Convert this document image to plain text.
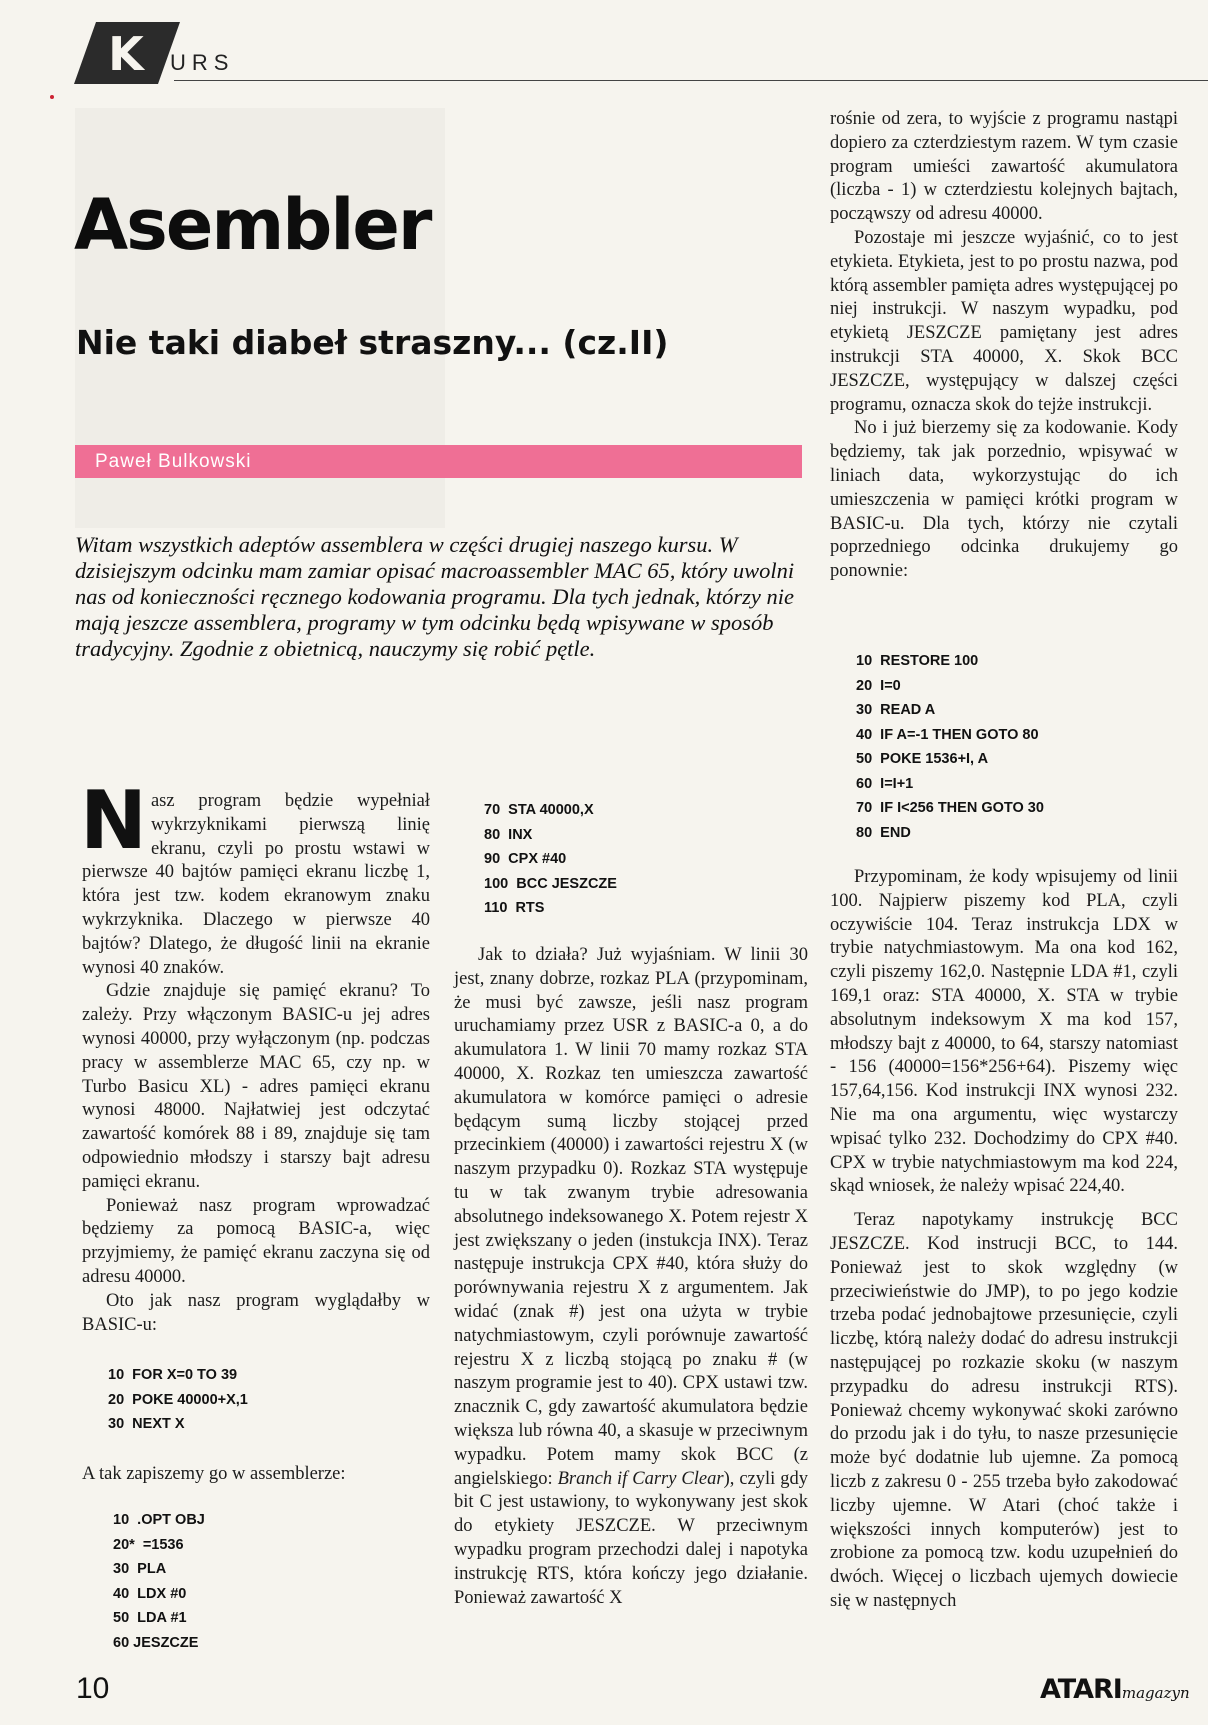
K URS
Asembler
Nie taki diabeł straszny... (cz.II)
Paweł Bulkowski

Witam wszystkich adeptów assemblera w części drugiej naszego kursu. W dzisiejszym odcinku mam zamiar opisać macroassembler MAC 65, który uwolni nas od konieczności ręcznego kodowania programu. Dla tych jednak, którzy nie mają jeszcze assemblera, programy w tym odcinku będą wpisywane w sposób tradycyjny. Zgodnie z obietnicą, nauczymy się robić pętle.

Nasz program będzie wypełniał wykrzyknikami pierwszą linię ekranu, czyli po prostu wstawi w pierwsze 40 bajtów pamięci ekranu liczbę 1, która jest tzw. kodem ekranowym znaku wykrzyknika. Dlaczego w pierwsze 40 bajtów? Dlatego, że długość linii na ekranie wynosi 40 znaków.

Gdzie znajduje się pamięć ekranu? To zależy. Przy włączonym BASIC-u jej adres wynosi 40000, przy wyłączonym (np. podczas pracy w assemblerze MAC 65, czy np. w Turbo Basicu XL) - adres pamięci ekranu wynosi 48000. Najłatwiej jest odczytać zawartość komórek 88 i 89, znajduje się tam odpowiednio młodszy i starszy bajt adresu pamięci ekranu.

Ponieważ nasz program wprowadzać będziemy za pomocą BASIC-a, więc przyjmiemy, że pamięć ekranu zaczyna się od adresu 40000.

Oto jak nasz program wyglądałby w BASIC-u:

10  FOR X=0 TO 39
20  POKE 40000+X,1
30  NEXT X

A tak zapiszemy go w assemblerze:

10  .OPT OBJ
20*  =1536
30  PLA
40  LDX #0
50  LDA #1
60 JESZCZE
70  STA 40000,X
80  INX
90  CPX #40
100  BCC JESZCZE
110  RTS

Jak to działa? Już wyjaśniam. W linii 30 jest, znany dobrze, rozkaz PLA (przypominam, że musi być zawsze, jeśli nasz program uruchamiamy przez USR z BASIC-a 0, a do akumulatora 1. W linii 70 mamy rozkaz STA 40000, X. Rozkaz ten umieszcza zawartość akumulatora w komórce pamięci o adresie będącym sumą liczby stojącej przed przecinkiem (40000) i zawartości rejestru X (w naszym przypadku 0). Rozkaz STA występuje tu w tak zwanym trybie adresowania absolutnego indeksowanego X. Potem rejestr X jest zwiększany o jeden (instukcja INX). Teraz następuje instrukcja CPX #40, która służy do porównywania rejestru X z argumentem. Jak widać (znak #) jest ona użyta w trybie natychmiastowym, czyli porównuje zawartość rejestru X z liczbą stojącą po znaku # (w naszym programie jest to 40). CPX ustawi tzw. znacznik C, gdy zawartość akumulatora będzie większa lub równa 40, a skasuje w przeciwnym wypadku. Potem mamy skok BCC (z angielskiego: Branch if Carry Clear), czyli gdy bit C jest ustawiony, to wykonywany jest skok do etykiety JESZCZE. W przeciwnym wypadku program przechodzi dalej i napotyka instrukcję RTS, która kończy jego działanie. Ponieważ zawartość X

rośnie od zera, to wyjście z programu nastąpi dopiero za czterdziestym razem. W tym czasie program umieści zawartość akumulatora (liczba - 1) w czterdziestu kolejnych bajtach, począwszy od adresu 40000.

Pozostaje mi jeszcze wyjaśnić, co to jest etykieta. Etykieta, jest to po prostu nazwa, pod którą assembler pamięta adres występującej po niej instrukcji. W naszym wypadku, pod etykietą JESZCZE pamiętany jest adres instrukcji STA 40000, X. Skok BCC JESZCZE, występujący w dalszej części programu, oznacza skok do tejże instrukcji.

No i już bierzemy się za kodowanie. Kody będziemy, tak jak porzednio, wpisywać w liniach data, wykorzystując do ich umieszczenia w pamięci krótki program w BASIC-u. Dla tych, którzy nie czytali poprzedniego odcinka drukujemy go ponownie:

10  RESTORE 100
20  I=0
30  READ A
40  IF A=-1 THEN GOTO 80
50  POKE 1536+I, A
60  I=I+1
70  IF I<256 THEN GOTO 30
80  END

Przypominam, że kody wpisujemy od linii 100. Najpierw piszemy kod PLA, czyli oczywiście 104. Teraz instrukcja LDX w trybie natychmiastowym. Ma ona kod 162, czyli piszemy 162,0. Następnie LDA #1, czyli 169,1 oraz: STA 40000, X. STA w trybie absolutnym indeksowym X ma kod 157, młodszy bajt z 40000, to 64, starszy natomiast - 156 (40000=156*256+64). Piszemy więc 157,64,156. Kod instrukcji INX wynosi 232. Nie ma ona argumentu, więc wystarczy wpisać tylko 232. Dochodzimy do CPX #40. CPX w trybie natychmiastowym ma kod 224, skąd wniosek, że należy wpisać 224,40.

Teraz napotykamy instrukcję BCC JESZCZE. Kod instrucji BCC, to 144. Ponieważ jest to skok względny (w przeciwieństwie do JMP), to po jego kodzie trzeba podać jednobajtowe przesunięcie, czyli liczbę, którą należy dodać do adresu instrukcji następującej po rozkazie skoku (w naszym przypadku do adresu instrukcji RTS). Ponieważ chcemy wykonywać skoki zarówno do przodu jak i do tyłu, to nasze przesunięcie może być dodatnie lub ujemne. Za pomocą liczb z zakresu 0 - 255 trzeba było zakodować liczby ujemne. W Atari (choć także i większości innych komputerów) jest to zrobione za pomocą tzw. kodu uzupełnień do dwóch. Więcej o liczbach ujemych dowiecie się w następnych

10	ATARImagazyn
